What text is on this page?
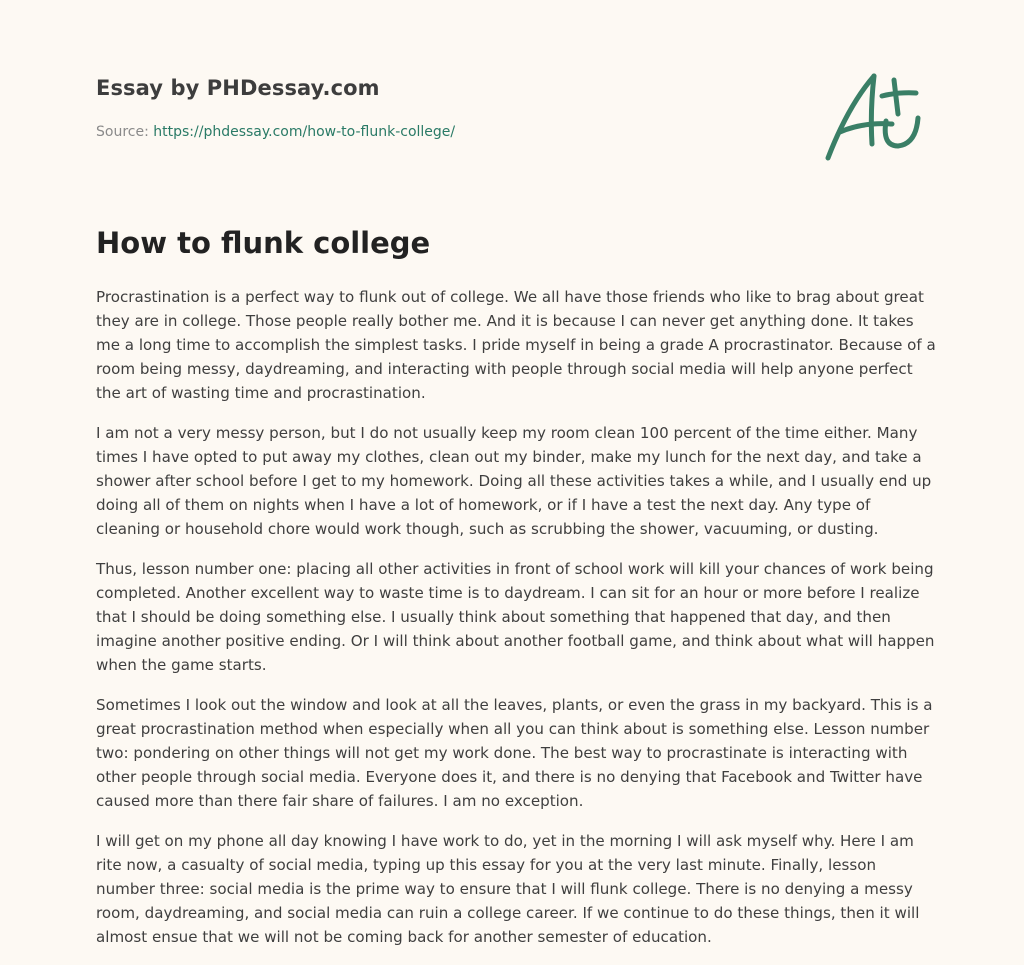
Essay by PHDessay.com
Source: https://phdessay.com/how-to-flunk-college/
How to flunk college

Procrastination is a perfect way to flunk out of college. We all have those friends who like to brag about great they are in college. Those people really bother me. And it is because I can never get anything done. It takes me a long time to accomplish the simplest tasks. I pride myself in being a grade A procrastinator. Because of a room being messy, daydreaming, and interacting with people through social media will help anyone perfect the art of wasting time and procrastination.

I am not a very messy person, but I do not usually keep my room clean 100 percent of the time either. Many times I have opted to put away my clothes, clean out my binder, make my lunch for the next day, and take a shower after school before I get to my homework. Doing all these activities takes a while, and I usually end up doing all of them on nights when I have a lot of homework, or if I have a test the next day. Any type of cleaning or household chore would work though, such as scrubbing the shower, vacuuming, or dusting.

Thus, lesson number one: placing all other activities in front of school work will kill your chances of work being completed. Another excellent way to waste time is to daydream. I can sit for an hour or more before I realize that I should be doing something else. I usually think about something that happened that day, and then imagine another positive ending. Or I will think about another football game, and think about what will happen when the game starts.

Sometimes I look out the window and look at all the leaves, plants, or even the grass in my backyard. This is a great procrastination method when especially when all you can think about is something else. Lesson number two: pondering on other things will not get my work done. The best way to procrastinate is interacting with other people through social media. Everyone does it, and there is no denying that Facebook and Twitter have caused more than there fair share of failures. I am no exception.

I will get on my phone all day knowing I have work to do, yet in the morning I will ask myself why. Here I am rite now, a casualty of social media, typing up this essay for you at the very last minute. Finally, lesson number three: social media is the prime way to ensure that I will flunk college. There is no denying a messy room, daydreaming, and social media can ruin a college career. If we continue to do these things, then it will almost ensue that we will not be coming back for another semester of education.
